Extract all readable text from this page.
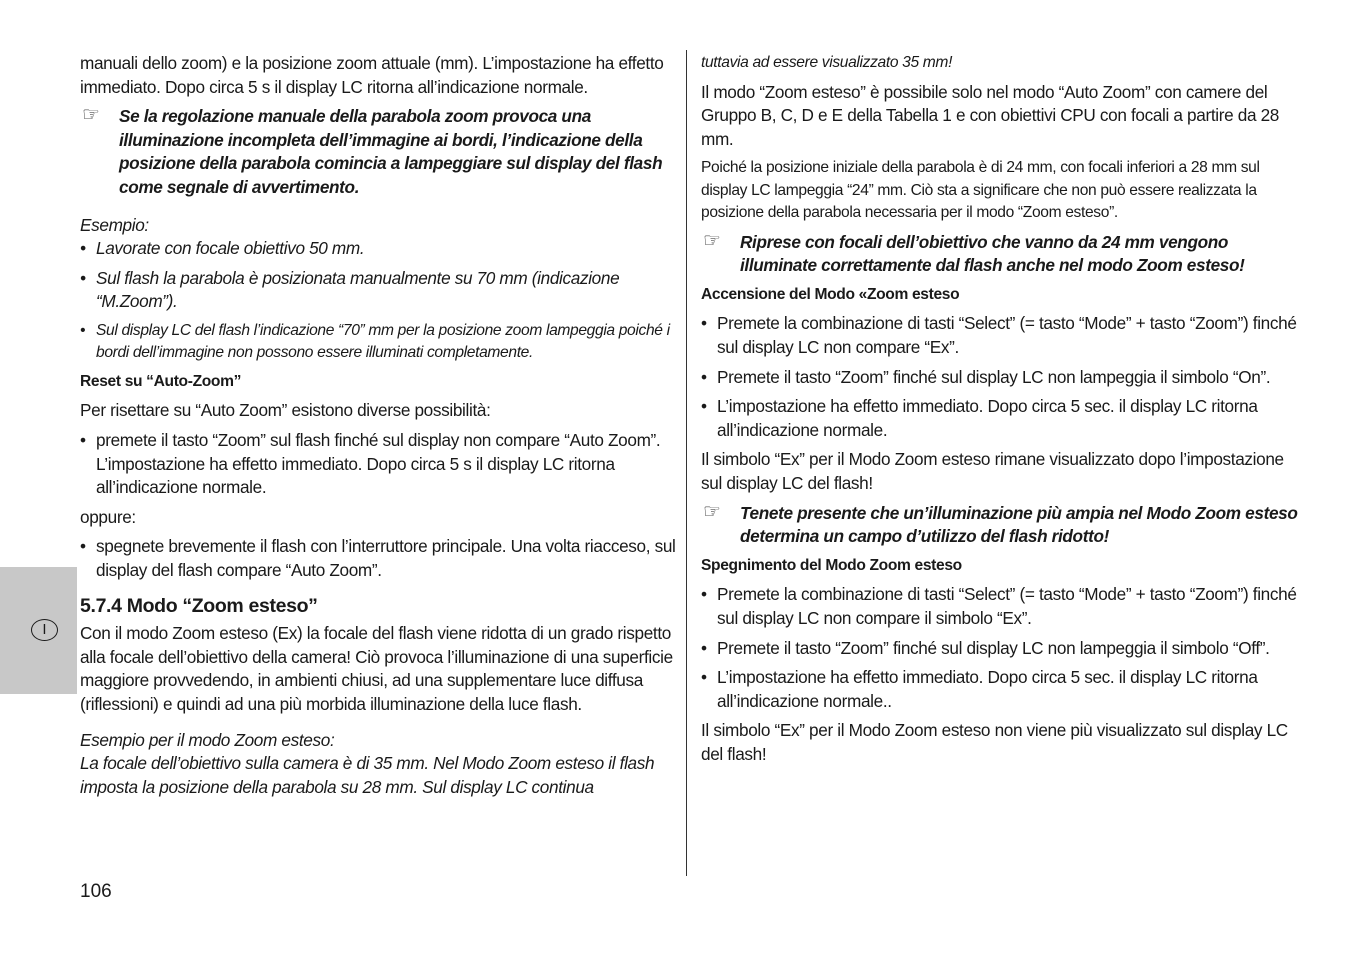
I

manuali dello zoom) e la posizione zoom attuale (mm). L’impostazione ha effetto immediato. Dopo circa 5 s il display LC ritorna all’indicazione normale.

☞ Se la regolazione manuale della parabola zoom provoca una illuminazione incompleta dell’immagine ai bordi, l’indicazione della posizione della parabola comincia a lampeggiare sul display del flash come segnale di avvertimento.

Esempio:

• Lavorate con focale obiettivo 50 mm.
• Sul flash la parabola è posizionata manualmente su 70 mm (indicazione “M.Zoom”).
• Sul display LC del flash l’indicazione “70” mm per la posizione zoom lampeggia poiché i bordi dell’immagine non possono essere illuminati completamente.

Reset su “Auto-Zoom”

Per risettare su “Auto Zoom” esistono diverse possibilità:

• premete il tasto “Zoom” sul flash finché sul display non compare “Auto Zoom”. L’impostazione ha effetto immediato. Dopo circa 5 s il display LC ritorna all’indicazione normale.

oppure:

• spegnete brevemente il flash con l’interruttore principale. Una volta riacceso, sul display del flash compare “Auto Zoom”.

5.7.4 Modo “Zoom esteso”

Con il modo Zoom esteso (Ex) la focale del flash viene ridotta di un grado rispetto alla focale dell’obiettivo della camera! Ciò provoca l’illuminazione di una superficie maggiore provvedendo, in ambienti chiusi, ad una supplementare luce diffusa (riflessioni) e quindi ad una più morbida illuminazione della luce flash.

Esempio per il modo Zoom esteso:

La focale dell’obiettivo sulla camera è di 35 mm. Nel Modo Zoom esteso il flash imposta la posizione della parabola su 28 mm. Sul display LC continua

tuttavia ad essere visualizzato 35 mm!

Il modo “Zoom esteso” è possibile solo nel modo “Auto Zoom” con camere del Gruppo B, C, D e E della Tabella 1 e con obiettivi CPU con focali a partire da 28 mm.

Poiché la posizione iniziale della parabola è di 24 mm, con focali inferiori a 28 mm sul display LC lampeggia “24” mm. Ciò sta a significare che non può essere realizzata la posizione della parabola necessaria per il modo “Zoom esteso”.

☞ Riprese con focali dell’obiettivo che vanno da 24 mm vengono illuminate correttamente dal flash anche nel modo Zoom esteso!

Accensione del Modo «Zoom esteso

• Premete la combinazione di tasti “Select” (= tasto “Mode” + tasto “Zoom”) finché sul display LC non compare “Ex”.
• Premete il tasto “Zoom” finché sul display LC non lampeggia il simbolo “On”.
• L’impostazione ha effetto immediato. Dopo circa 5 sec. il display LC ritorna all’indicazione normale.

Il simbolo “Ex” per il Modo Zoom esteso rimane visualizzato dopo l’impostazione sul display LC del flash!

☞ Tenete presente che un’illuminazione più ampia nel Modo Zoom esteso determina un campo d’utilizzo del flash ridotto!

Spegnimento del Modo Zoom esteso

• Premete la combinazione di tasti “Select” (= tasto “Mode” + tasto “Zoom”) finché sul display LC non compare il simbolo “Ex”.
• Premete il tasto “Zoom” finché sul display LC non lampeggia il simbolo “Off”.
• L’impostazione ha effetto immediato. Dopo circa 5 sec. il display LC ritorna all’indicazione normale..

Il simbolo “Ex” per il Modo Zoom esteso non viene più visualizzato sul display LC del flash!

106
